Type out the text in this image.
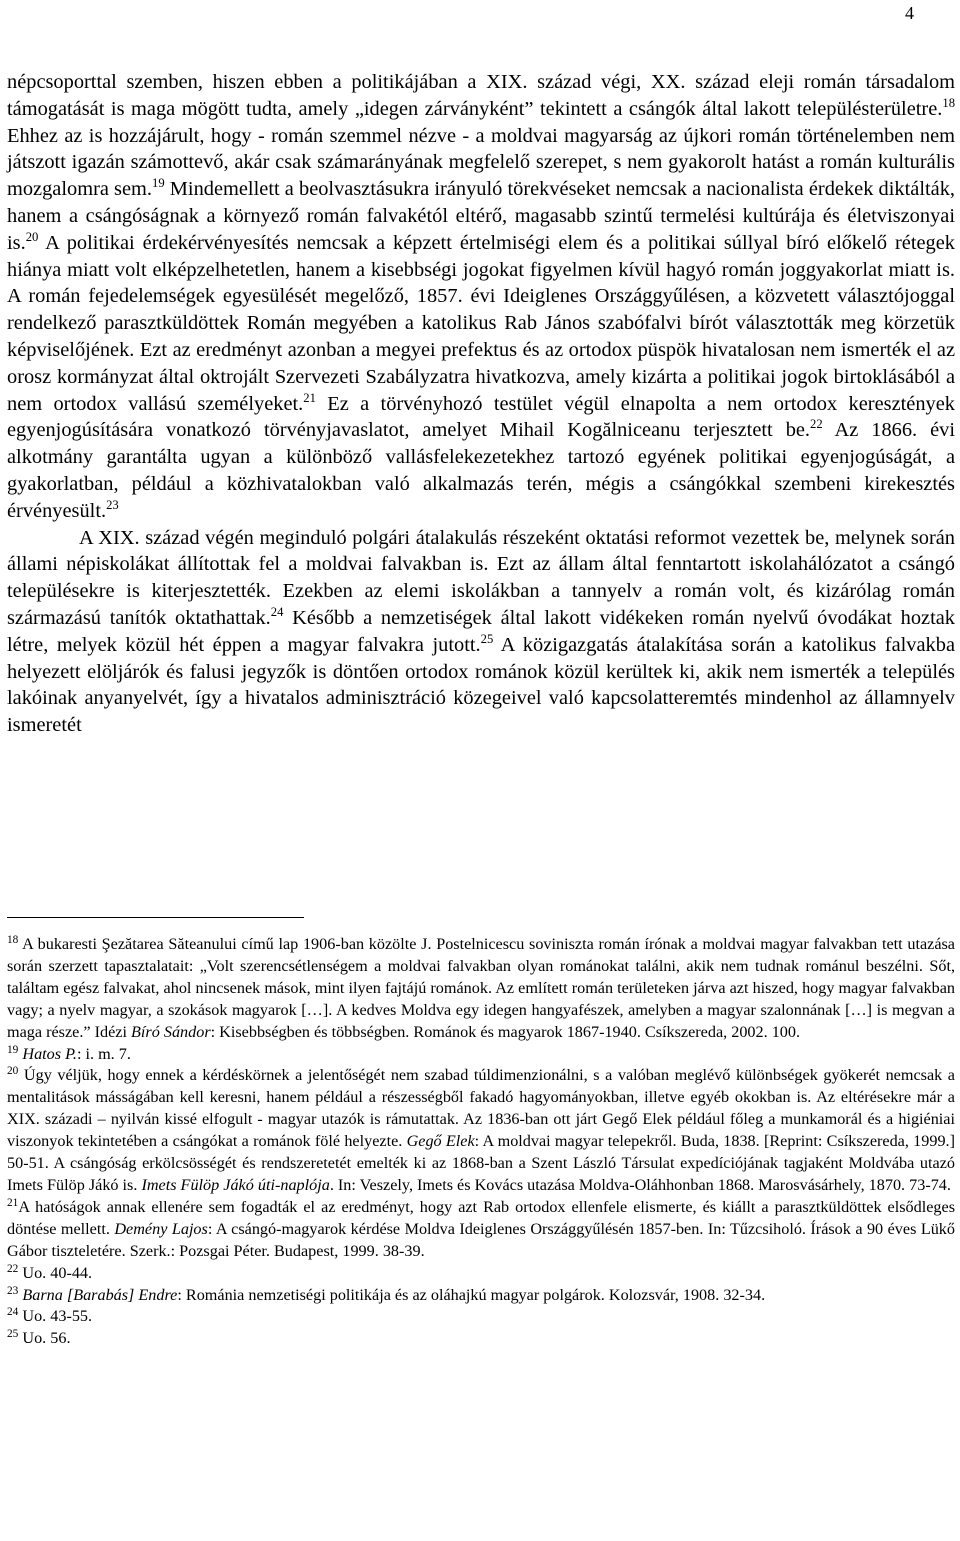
4

népcsoporttal szemben, hiszen ebben a politikájában a XIX. század végi, XX. század eleji román társadalom támogatását is maga mögött tudta, amely „idegen zárványként” tekintett a csángók által lakott településterületre.$^{18}$ Ehhez az is hozzájárult, hogy - román szemmel nézve - a moldvai magyarság az újkori román történelemben nem játszott igazán számottevő, akár csak számarányának megfelelő szerepet, s nem gyakorolt hatást a román kulturális mozgalomra sem.$^{19}$ Mindemellett a beolvasztásukra irányuló törekvéseket nemcsak a nacionalista érdekek diktálták, hanem a csángóságnak a környező román falvakétól eltérő, magasabb szintű termelési kultúrája és életviszonyai is.$^{20}$ A politikai érdekérvényesítés nemcsak a képzett értelmiségi elem és a politikai súllyal bíró előkelő rétegek hiánya miatt volt elképzelhetetlen, hanem a kisebbségi jogokat figyelmen kívül hagyó román joggyakorlat miatt is. A román fejedelemségek egyesülését megelőző, 1857. évi Ideiglenes Országgyűlésen, a közvetett választójoggal rendelkező parasztküldöttek Román megyében a katolikus Rab János szabófalvi bírót választották meg körzetük képviselőjének. Ezt az eredményt azonban a megyei prefektus és az ortodox püspök hivatalosan nem ismerték el az orosz kormányzat által oktrojált Szervezeti Szabályzatra hivatkozva, amely kizárta a politikai jogok birtoklásából a nem ortodox vallású személyeket.$^{21}$ Ez a törvényhozó testület végül elnapolta a nem ortodox keresztények egyenjogúsítására vonatkozó törvényjavaslatot, amelyet Mihail Kogălniceanu terjesztett be.$^{22}$ Az 1866. évi alkotmány garantálta ugyan a különböző vallásfelekezetekhez tartozó egyének politikai egyenjogúságát, a gyakorlatban, például a közhivatalokban való alkalmazás terén, mégis a csángókkal szembeni kirekesztés érvényesült.$^{23}$

A XIX. század végén meginduló polgári átalakulás részeként oktatási reformot vezettek be, melynek során állami népiskolákat állítottak fel a moldvai falvakban is. Ezt az állam által fenntartott iskolahálózatot a csángó településekre is kiterjesztették. Ezekben az elemi iskolákban a tannyelv a román volt, és kizárólag román származású tanítók oktathattak.$^{24}$ Később a nemzetiségek által lakott vidékeken román nyelvű óvodákat hoztak létre, melyek közül hét éppen a magyar falvakra jutott.$^{25}$ A közigazgatás átalakítása során a katolikus falvakba helyezett elöljárók és falusi jegyzők is döntően ortodox románok közül kerültek ki, akik nem ismerték a település lakóinak anyanyelvét, így a hivatalos adminisztráció közegeivel való kapcsolatteremtés mindenhol az államnyelv ismeretét

$^{18}$ A bukaresti Şezătarea Săteanului című lap 1906-ban közölte J. Postelnicescu soviniszta román írónak a moldvai magyar falvakban tett utazása során szerzett tapasztalatait: „Volt szerencsétlenségem a moldvai falvakban olyan románokat találni, akik nem tudnak románul beszélni. Sőt, találtam egész falvakat, ahol nincsenek mások, mint ilyen fajtájú románok. Az említett román területeken járva azt hiszed, hogy magyar falvakban vagy; a nyelv magyar, a szokások magyarok […]. A kedves Moldva egy idegen hangyafészek, amelyben a magyar szalonnának […] is megvan a maga része.” Idézi Bíró Sándor: Kisebbségben és többségben. Románok és magyarok 1867-1940. Csíkszereda, 2002. 100.
$^{19}$ Hatos P.: i. m. 7.
$^{20}$ Úgy véljük, hogy ennek a kérdéskörnek a jelentőségét nem szabad túldimenzionálni, s a valóban meglévő különbségek gyökerét nemcsak a mentalitások másságában kell keresni, hanem például a részességből fakadó hagyományokban, illetve egyéb okokban is. Az eltérésekre már a XIX. századi – nyilván kissé elfogult - magyar utazók is rámutattak. Az 1836-ban ott járt Gegő Elek például főleg a munkamorál és a higiéniai viszonyok tekintetében a csángókat a románok fölé helyezte. Gegő Elek: A moldvai magyar telepekről. Buda, 1838. [Reprint: Csíkszereda, 1999.] 50-51. A csángóság erkölcsösségét és rendszeretetét emelték ki az 1868-ban a Szent László Társulat expedíciójának tagjaként Moldvába utazó Imets Fülöp Jákó is. Imets Fülöp Jákó úti-naplója. In: Veszely, Imets és Kovács utazása Moldva-Oláhhonban 1868. Marosvásárhely, 1870. 73-74.
$^{21}$A hatóságok annak ellenére sem fogadták el az eredményt, hogy azt Rab ortodox ellenfele elismerte, és kiállt a parasztküldöttek elsődleges döntése mellett. Demény Lajos: A csángó-magyarok kérdése Moldva Ideiglenes Országgyűlésén 1857-ben. In: Tűzcsiholó. Írások a 90 éves Lükő Gábor tiszteletére. Szerk.: Pozsgai Péter. Budapest, 1999. 38-39.
$^{22}$ Uo. 40-44.
$^{23}$ Barna [Barabás] Endre: Románia nemzetiségi politikája és az oláhajkú magyar polgárok. Kolozsvár, 1908. 32-34.
$^{24}$ Uo. 43-55.
$^{25}$ Uo. 56.
